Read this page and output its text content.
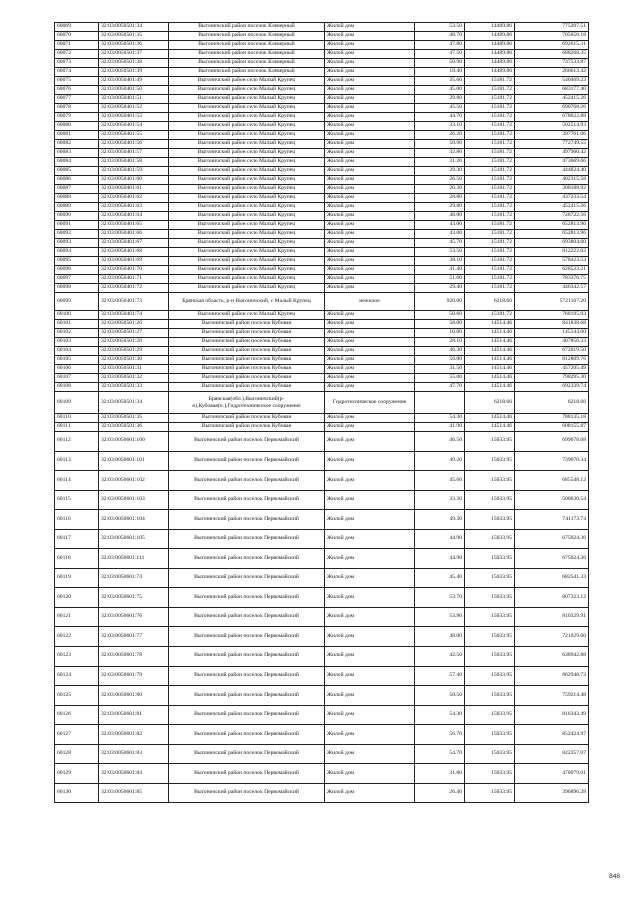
60069	32:03:0050501:34	Выгоничский район поселок Клеверный	Жилой дом	53.50	14489.86	775207.51
60070	32:03:0050501:35	Выгоничский район поселок Клеверный	Жилой дом	48.70	14489.86	705656.18
60071	32:03:0050501:36	Выгоничский район поселок Клеверный	Жилой дом	47.80	14489.86	692615.31
60072	32:03:0050501:37	Выгоничский район поселок Клеверный	Жилой дом	47.50	14489.86	688268.35
60073	32:03:0050501:38	Выгоничский район поселок Клеверный	Жилой дом	50.90	14489.86	737533.87
60074	32:03:0050501:39	Выгоничский район поселок Клеверный	Жилой дом	18.40	14489.86	266613.42
60075	32:03:0050401:49	Выгоничский район село Малый Крупец	Жилой дом	35.60	15181.72	540469.23
60076	32:03:0050401:50	Выгоничский район село Малый Крупец	Жилой дом	45.00	15181.72	683177.40
60077	32:03:0050401:51	Выгоничский район село Малый Крупец	Жилой дом	29.80	15181.72	452415.26
60078	32:03:0050401:52	Выгоничский район село Малый Крупец	Жилой дом	45.50	15181.72	690768.26
60079	32:03:0050401:53	Выгоничский район село Малый Крупец	Жилой дом	44.70	15181.72	678622.88
60080	32:03:0050401:54	Выгоничский район село Малый Крупец	Жилой дом	33.10	15181.72	502514.93
60081	32:03:0050401:55	Выгоничский район село Малый Крупец	Жилой дом	26.20	15181.72	397761.06
60082	32:03:0050401:56	Выгоничский район село Малый Крупец	Жилой дом	50.90	15181.72	772749.55
60083	32:03:0050401:57	Выгоничский район село Малый Крупец	Жилой дом	32.80	15181.72	497960.42
60084	32:03:0050401:58	Выгоничский район село Малый Крупец	Жилой дом	31.20	15181.72	473669.66
60085	32:03:0050401:59	Выгоничский район село Малый Крупец	Жилой дом	29.30	15181.72	444824.40
60086	32:03:0050401:60	Выгоничский район село Малый Крупец	Жилой дом	26.50	15181.72	402315.58
60087	32:03:0050401:61	Выгоничский район село Малый Крупец	Жилой дом	20.30	15181.72	308188.92
60088	32:03:0050401:62	Выгоничский район село Малый Крупец	Жилой дом	28.80	15181.72	437233.54
60089	32:03:0050401:63	Выгоничский район село Малый Крупец	Жилой дом	29.80	15181.72	452415.26
60090	32:03:0050401:64	Выгоничский район село Малый Крупец	Жилой дом	48.00	15181.72	728722.56
60091	32:03:0050401:65	Выгоничский район село Малый Крупец	Жилой дом	43.00	15181.72	652813.96
60092	32:03:0050401:66	Выгоничский район село Малый Крупец	Жилой дом	43.00	15181.72	652813.96
60093	32:03:0050401:67	Выгоничский район село Малый Крупец	Жилой дом	45.70	15181.72	693804.60
60094	32:03:0050401:68	Выгоничский район село Малый Крупец	Жилой дом	53.50	15181.72	812222.02
60095	32:03:0050401:69	Выгоничский район село Малый Крупец	Жилой дом	38.10	15181.72	578423.53
60096	32:03:0050401:70	Выгоничский район село Малый Крупец	Жилой дом	41.40	15181.72	628523.21
60097	32:03:0050401:71	Выгоничский район село Малый Крупец	Жилой дом	51.60	15181.72	783376.75
60098	32:03:0050401:72	Выгоничский район село Малый Крупец	Жилой дом	29.40	15181.72	446342.57
60099	32:03:0050401:73	Брянская область, р-н Выгоничский, с Малый Крупец	нежилое	920.00	6218.66	5721167.20
60100	32:03:0050401:74	Выгоничский район село Малый Крупец	Жилой дом	50.60	15181.72	768195.03
60101	32:03:0050501:26	Выгоничский район поселок Кубовая	Жилой дом	58.00	14514.46	841838.68
60102	32:03:0050501:27	Выгоничский район поселок Кубовая	Жилой дом	10.00	14514.46	145144.60
60103	32:03:0050501:28	Выгоничский район поселок Кубовая	Жилой дом	28.10	14514.46	407856.33
60104	32:03:0050501:29	Выгоничский район поселок Кубовая	Жилой дом	46.30	14514.46	672019.50
60105	32:03:0050501:30	Выгоничский район поселок Кубовая	Жилой дом	56.00	14514.46	812809.76
60106	32:03:0050501:31	Выгоничский район поселок Кубовая	Жилой дом	31.50	14514.46	457205.49
60107	32:03:0050501:32	Выгоничский район поселок Кубовая	Жилой дом	55.00	14514.46	798295.30
60108	32:03:0050501:33	Выгоничский район поселок Кубовая	Жилой дом	47.70	14514.46	692339.74
60109	32:03:0050501:34	Брянская(обл.),Выгоничский(р-н),Кубовая(п.),Гидротехническое сооружение	Гидротехническое сооружение		6218.66	6218.66
60110	32:03:0050501:35	Выгоничский район поселок Кубовая	Жилой дом	54.30	14514.46	788135.18
60111	32:03:0050501:36	Выгоничский район поселок Кубовая	Жилой дом	41.90	14514.46	608155.87
60112	32:03:0050601:100	Выгоничский район поселок Первомайский	Жилой дом	46.50	15033.95	699078.68
60113	32:03:0050601:101	Выгоничский район поселок Первомайский	Жилой дом	49.20	15033.95	739670.34
60114	32:03:0050601:102	Выгоничский район поселок Первомайский	Жилой дом	45.60	15033.95	685548.12
60115	32:03:0050601:103	Выгоничский район поселок Первомайский	Жилой дом	33.30	15033.95	500630.54
60116	32:03:0050601:104	Выгоничский район поселок Первомайский	Жилой дом	49.30	15033.95	741173.74
60117	32:03:0050601:105	Выгоничский район поселок Первомайский	Жилой дом	44.90	15033.95	675024.36
60118	32:03:0050601:111	Выгоничский район поселок Первомайский	Жилой дом	44.90	15033.95	675024.36
60119	32:03:0050601:74	Выгоничский район поселок Первомайский	Жилой дом	45.40	15033.95	682541.33
60120	32:03:0050601:75	Выгоничский район поселок Первомайский	Жилой дом	53.70	15033.95	807323.12
60121	32:03:0050601:76	Выгоничский район поселок Первомайский	Жилой дом	53.90	15033.95	810329.91
60122	32:03:0050601:77	Выгоничский район поселок Первомайский	Жилой дом	48.00	15033.95	721629.60
60123	32:03:0050601:78	Выгоничский район поселок Первомайский	Жилой дом	42.50	15033.95	638942.88
60124	32:03:0050601:79	Выгоничский район поселок Первомайский	Жилой дом	57.40	15033.95	862948.73
60125	32:03:0050601:80	Выгоничский район поселок Первомайский	Жилой дом	50.50	15033.95	759214.48
60126	32:03:0050601:81	Выгоничский район поселок Первомайский	Жилой дом	54.30	15033.95	816343.49
60127	32:03:0050601:82	Выгоничский район поселок Первомайский	Жилой дом	56.70	15033.95	852424.97
60128	32:03:0050601:83	Выгоничский район поселок Первомайский	Жилой дом	54.70	15033.95	822357.07
60129	32:03:0050601:84	Выгоничский район поселок Первомайский	Жилой дом	31.80	15033.95	478079.61
60130	32:03:0050601:85	Выгоничский район поселок Первомайский	Жилой дом	26.40	15033.95	396896.28
848
